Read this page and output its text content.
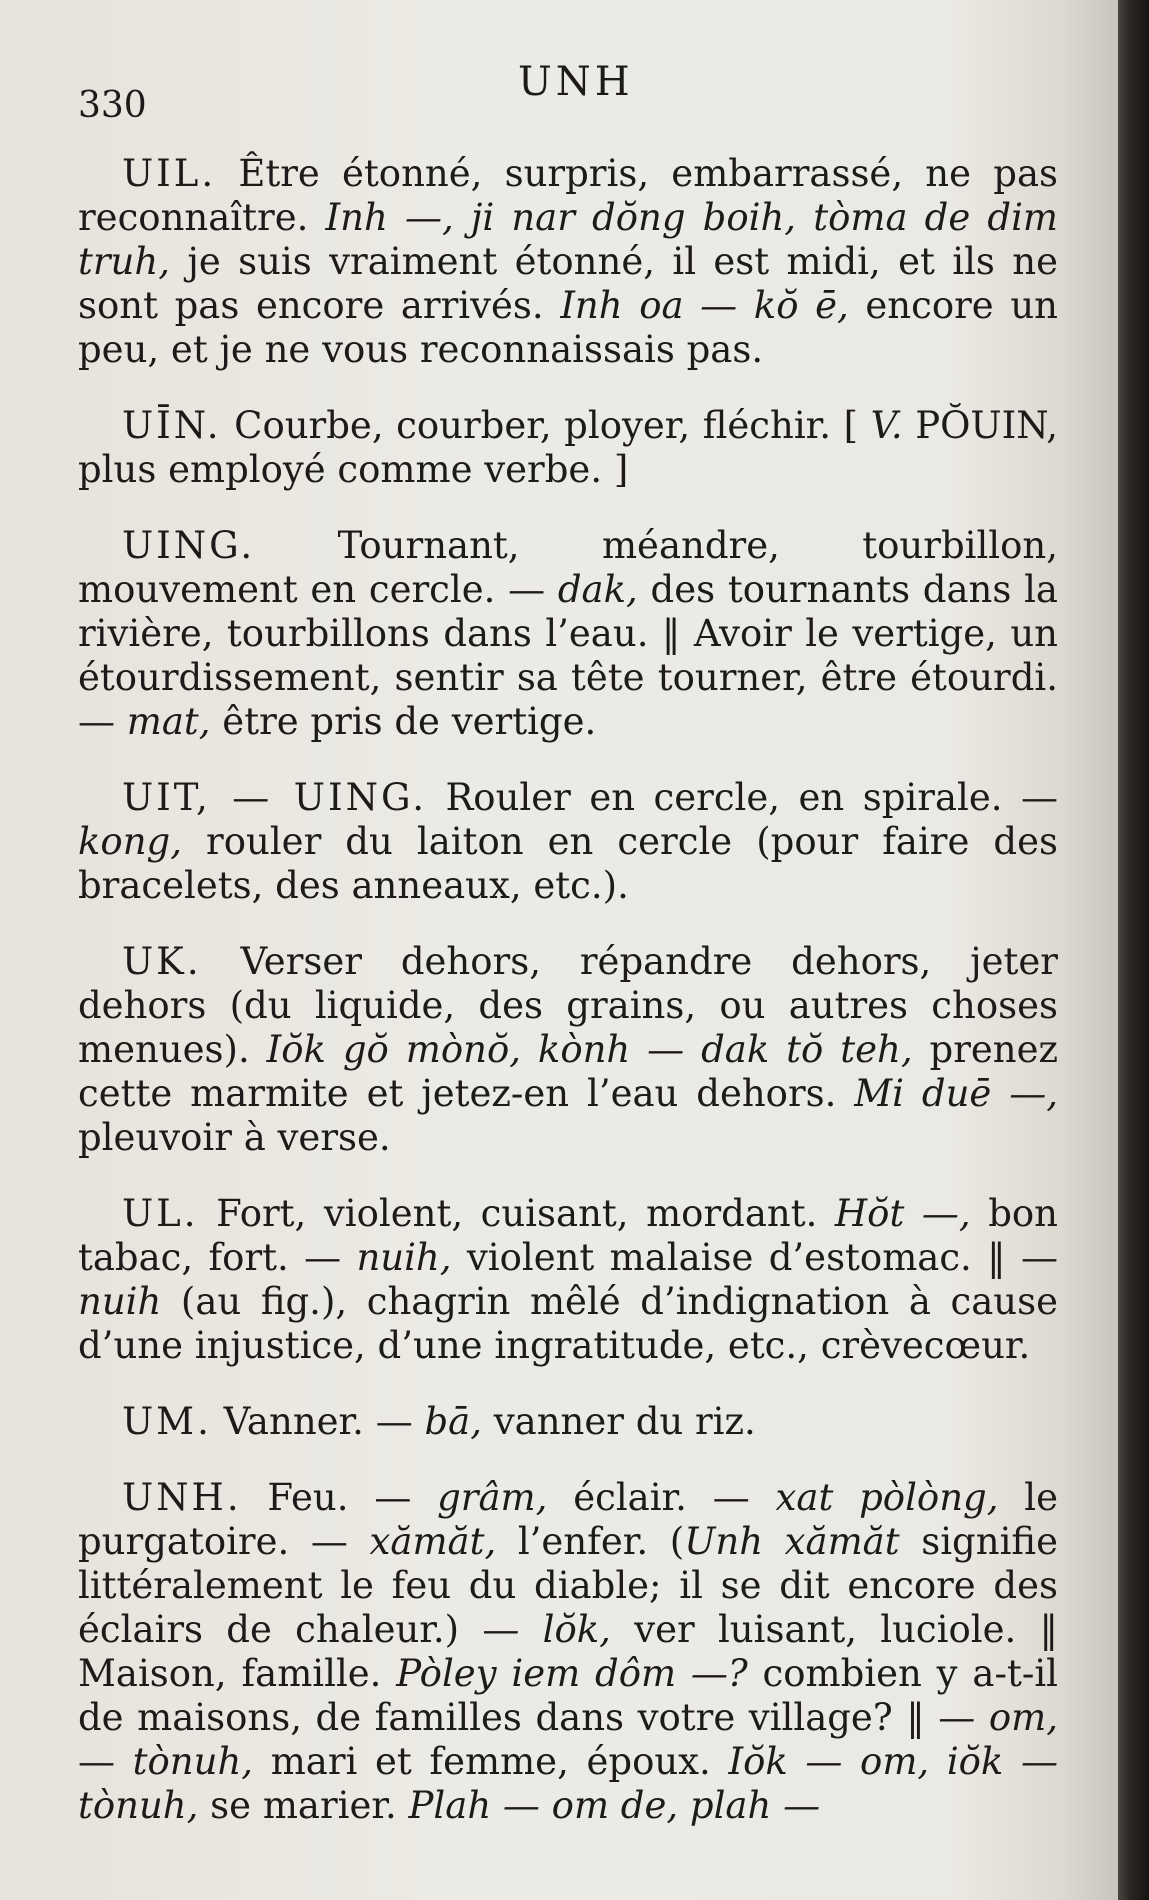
330
UNH

UIL. Être étonné, surpris, embarrassé, ne pas reconnaître. Inh —, ji nar dŏng boih, tòma de dim truh, je suis vraiment étonné, il est midi, et ils ne sont pas encore arrivés. Inh oa — kŏ ē, encore un peu, et je ne vous reconnaissais pas.

UĪN. Courbe, courber, ployer, fléchir. [ V. PŎUIN, plus employé comme verbe. ]

UING. Tournant, méandre, tourbillon, mouvement en cercle. — dak, des tournants dans la rivière, tourbillons dans l’eau. ‖ Avoir le vertige, un étourdissement, sentir sa tête tourner, être étourdi. — mat, être pris de vertige.

UIT, — UING. Rouler en cercle, en spirale. — kong, rouler du laiton en cercle (pour faire des bracelets, des anneaux, etc.).

UK. Verser dehors, répandre dehors, jeter dehors (du liquide, des grains, ou autres choses menues). Iŏk gŏ mònŏ, kònh — dak tŏ teh, prenez cette marmite et jetez-en l’eau dehors. Mi duē —, pleuvoir à verse.

UL. Fort, violent, cuisant, mordant. Hŏt —, bon tabac, fort. — nuih, violent malaise d’estomac. ‖ — nuih (au fig.), chagrin mêlé d’indignation à cause d’une injustice, d’une ingratitude, etc., crèvecœur.

UM. Vanner. — bā, vanner du riz.

UNH. Feu. — grâm, éclair. — xat pòlòng, le purgatoire. — xămăt, l’enfer. (Unh xămăt signifie littéralement le feu du diable; il se dit encore des éclairs de chaleur.) — lŏk, ver luisant, luciole. ‖ Maison, famille. Pòley iem dôm —? combien y a-t-il de maisons, de familles dans votre village? ‖ — om, — tònuh, mari et femme, époux. Iŏk — om, iŏk — tònuh, se marier. Plah — om de, plah —
